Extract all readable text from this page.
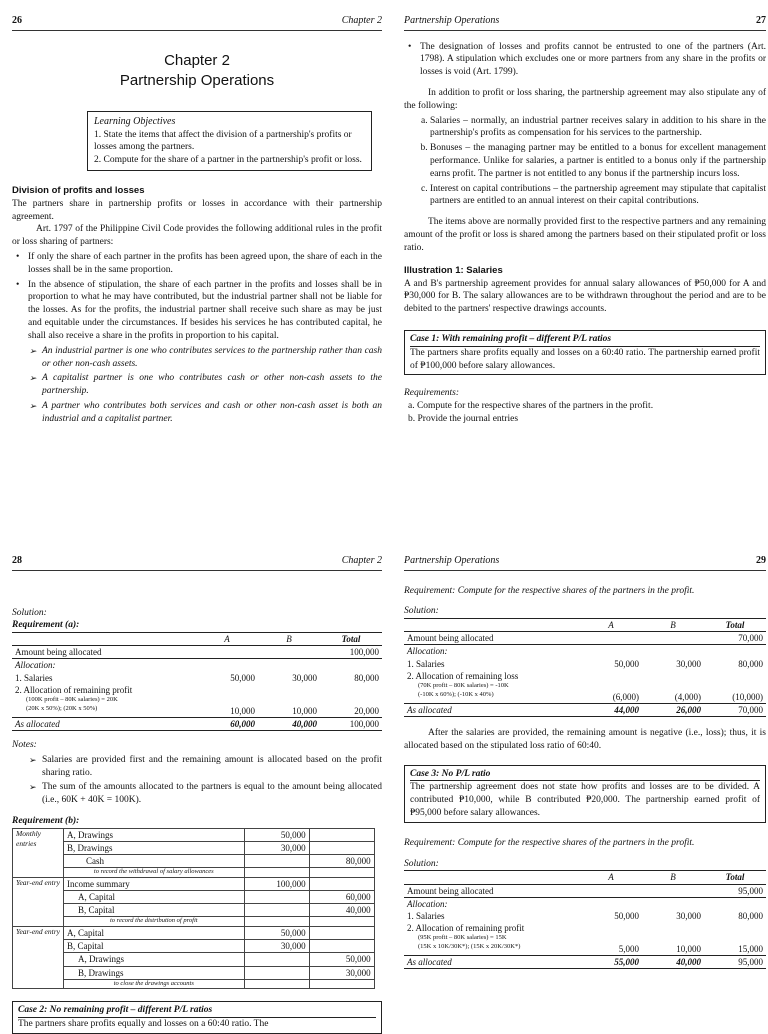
26	Chapter 2
Chapter 2
Partnership Operations
Learning Objectives
1. State the items that affect the division of a partnership's profits or losses among the partners.
2. Compute for the share of a partner in the partnership's profit or loss.
Division of profits and losses
The partners share in partnership profits or losses in accordance with their partnership agreement.
Art. 1797 of the Philippine Civil Code provides the following additional rules in the profit or loss sharing of partners:
• If only the share of each partner in the profits has been agreed upon, the share of each in the losses shall be in the same proportion.
• In the absence of stipulation, the share of each partner in the profits and losses shall be in proportion to what he may have contributed, but the industrial partner shall not be liable for the losses. As for the profits, the industrial partner shall receive such share as may be just and equitable under the circumstances. If besides his services he has contributed capital, he shall also receive a share in the profits in proportion to his capital.
➢ An industrial partner is one who contributes services to the partnership rather than cash or other non-cash assets.
➢ A capitalist partner is one who contributes cash or other non-cash assets to the partnership.
➢ A partner who contributes both services and cash or other non-cash asset is both an industrial and a capitalist partner.
Partnership Operations	27
• The designation of losses and profits cannot be entrusted to one of the partners (Art. 1798). A stipulation which excludes one or more partners from any share in the profits or losses is void (Art. 1799).
In addition to profit or loss sharing, the partnership agreement may also stipulate any of the following:
a. Salaries – normally, an industrial partner receives salary in addition to his share in the partnership's profits as compensation for his services to the partnership.
b. Bonuses – the managing partner may be entitled to a bonus for excellent management performance. Unlike for salaries, a partner is entitled to a bonus only if the partnership earns profit. The partner is not entitled to any bonus if the partnership incurs loss.
c. Interest on capital contributions – the partnership agreement may stipulate that capitalist partners are entitled to an annual interest on their capital contributions.
The items above are normally provided first to the respective partners and any remaining amount of the profit or loss is shared among the partners based on their stipulated profit or loss ratio.
Illustration 1: Salaries
A and B's partnership agreement provides for annual salary allowances of ₱50,000 for A and ₱30,000 for B. The salary allowances are to be withdrawn throughout the period and are to be debited to the partners' respective drawings accounts.
Case 1: With remaining profit – different P/L ratios
The partners share profits equally and losses on a 60:40 ratio. The partnership earned profit of ₱100,000 before salary allowances.
Requirements:
a. Compute for the respective shares of the partners in the profit.
b. Provide the journal entries
28	Chapter 2
Solution:
Requirement (a):
	A	B	Total
Amount being allocated			100,000
Allocation:			
1. Salaries	50,000	30,000	80,000
2. Allocation of remaining profit			
(100K profit – 80K salaries) = 20K			
(20K x 50%); (20K x 50%)	10,000	10,000	20,000
As allocated	60,000	40,000	100,000
Notes:
➢ Salaries are provided first and the remaining amount is allocated based on the profit sharing ratio.
➢ The sum of the amounts allocated to the partners is equal to the amount being allocated (i.e., 60K + 40K = 100K).
Requirement (b):
Monthly entries	A, Drawings	50,000	
	B, Drawings	30,000	
	Cash		80,000
	to record the withdrawal of salary allowances		
Year-end entry	Income summary	100,000	
	A, Capital		60,000
	B, Capital		40,000
	to record the distribution of profit		
Year-end entry	A, Capital	50,000	
	B, Capital	30,000	
	A, Drawings		50,000
	B, Drawings		30,000
	to close the drawings accounts		
Case 2: No remaining profit – different P/L ratios
The partners share profits equally and losses on a 60:40 ratio. The
Partnership Operations	29
Requirement: Compute for the respective shares of the partners in the profit.
Solution:
	A	B	Total
Amount being allocated			70,000
Allocation:			
1. Salaries	50,000	30,000	80,000
2. Allocation of remaining loss			
(70K profit – 80K salaries) = -10K			
(-10K x 60%); (-10K x 40%)	(6,000)	(4,000)	(10,000)
As allocated	44,000	26,000	70,000
After the salaries are provided, the remaining amount is negative (i.e., loss); thus, it is allocated based on the stipulated loss ratio of 60:40.
Case 3: No P/L ratio
The partnership agreement does not state how profits and losses are to be divided. A contributed ₱10,000, while B contributed ₱20,000. The partnership earned profit of ₱95,000 before salary allowances.
Requirement: Compute for the respective shares of the partners in the profit.
Solution:
	A	B	Total
Amount being allocated			95,000
Allocation:			
1. Salaries	50,000	30,000	80,000
2. Allocation of remaining profit			
(95K profit – 80K salaries) = 15K			
(15K x 10K/30K*); (15K x 20K/30K*)	5,000	10,000	15,000
As allocated	55,000	40,000	95,000
